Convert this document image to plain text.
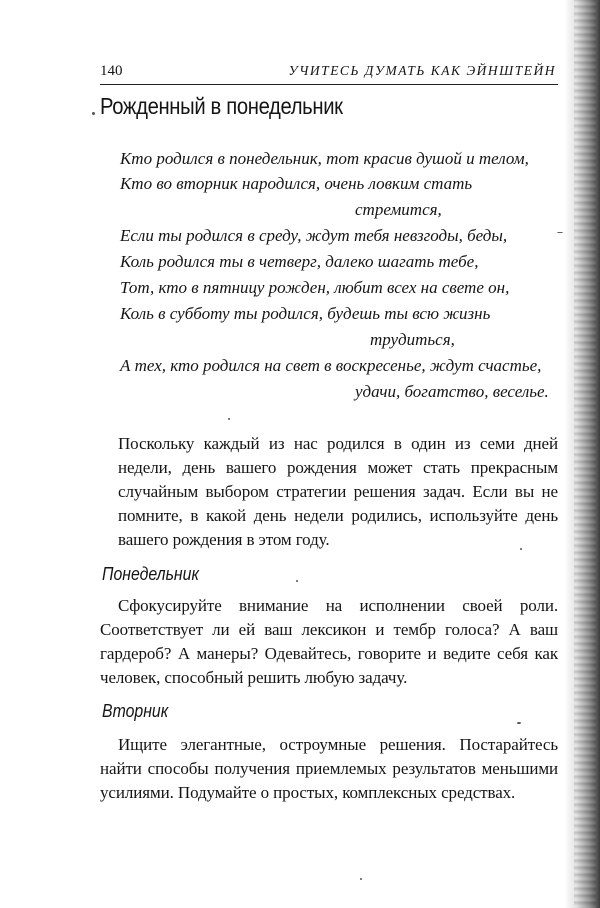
140	УЧИТЕСЬ ДУМАТЬ КАК ЭЙНШТЕЙН
Рожденный в понедельник
Кто родился в понедельник, тот красив душой и телом,
Кто во вторник народился, очень ловким стать
стремится,
Если ты родился в среду, ждут тебя невзгоды, беды,
Коль родился ты в четверг, далеко шагать тебе,
Тот, кто в пятницу рожден, любит всех на свете он,
Коль в субботу ты родился, будешь ты всю жизнь
трудиться,
А тех, кто родился на свет в воскресенье, ждут счастье,
удачи, богатство, веселье.

Поскольку каждый из нас родился в один из семи дней недели, день вашего рождения может стать прекрасным случайным выбором стратегии решения задач. Если вы не помните, в какой день недели родились, используйте день вашего рождения в этом году.

Понедельник

Сфокусируйте внимание на исполнении своей роли. Соответствует ли ей ваш лексикон и тембр голоса? А ваш гардероб? А манеры? Одевайтесь, говорите и ведите себя как человек, способный решить любую задачу.

Вторник

Ищите элегантные, остроумные решения. Постарайтесь найти способы получения приемлемых результатов меньшими усилиями. Подумайте о простых, комплексных средствах.
